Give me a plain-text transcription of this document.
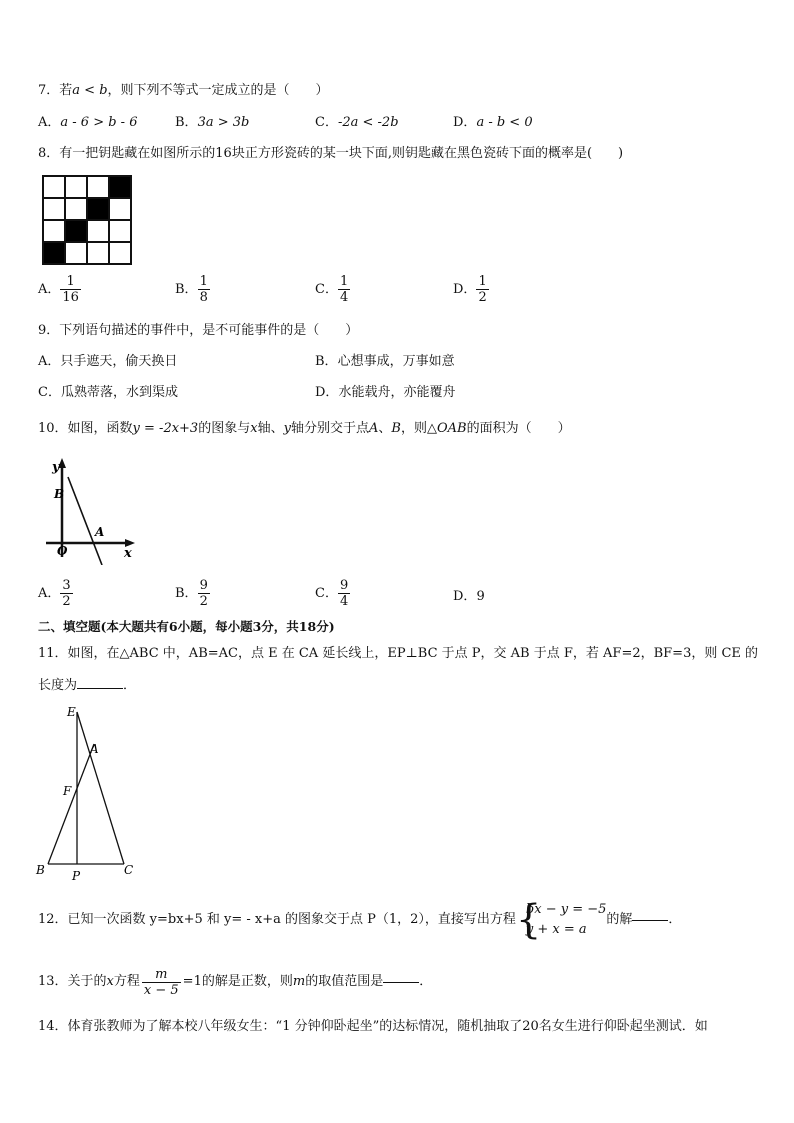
7．若a < b，则下列不等式一定成立的是（　　）
A．a - 6 > b - 6	B．3a > 3b	C．-2a < -2b	D．a - b < 0
8．有一把钥匙藏在如图所示的16块正方形瓷砖的某一块下面,则钥匙藏在黑色瓷砖下面的概率是(　　)
A． $\frac{1}{16}$	B． $\frac{1}{8}$	C． $\frac{1}{4}$	D． $\frac{1}{2}$
9．下列语句描述的事件中，是不可能事件的是（　　）
A．只手遮天，偷天换日	B．心想事成，万事如意
C．瓜熟蒂落，水到渠成	D．水能载舟，亦能覆舟
10．如图，函数y = -2x+3的图象与x轴、y轴分别交于点A、B，则△OAB的面积为（　　）
y
B
A
O	x
A． $\frac{3}{2}$	B． $\frac{9}{2}$	C． $\frac{9}{4}$	D．9
二、填空题(本大题共有6小题，每小题3分，共18分)
11．如图，在△ABC 中，AB=AC，点 E 在 CA 延长线上，EP⊥BC 于点 P，交 AB 于点 F，若 AF=2，BF=3，则 CE 的
长度为	．
E
A
F
B P	C
12．已知一次函数 y=bx+5 和 y= - x+a 的图象交于点 P（1，2），直接写出方程 {
bx − y = −5
y + x = a
的解	．
13．关于的 x 方程 $\frac{m}{x - 5} =1$ 的解是正数，则 m 的取值范围是	．
14．体育张教师为了解本校八年级女生：“1 分钟仰卧起坐”的达标情况，随机抽取了20名女生进行仰卧起坐测试．如
